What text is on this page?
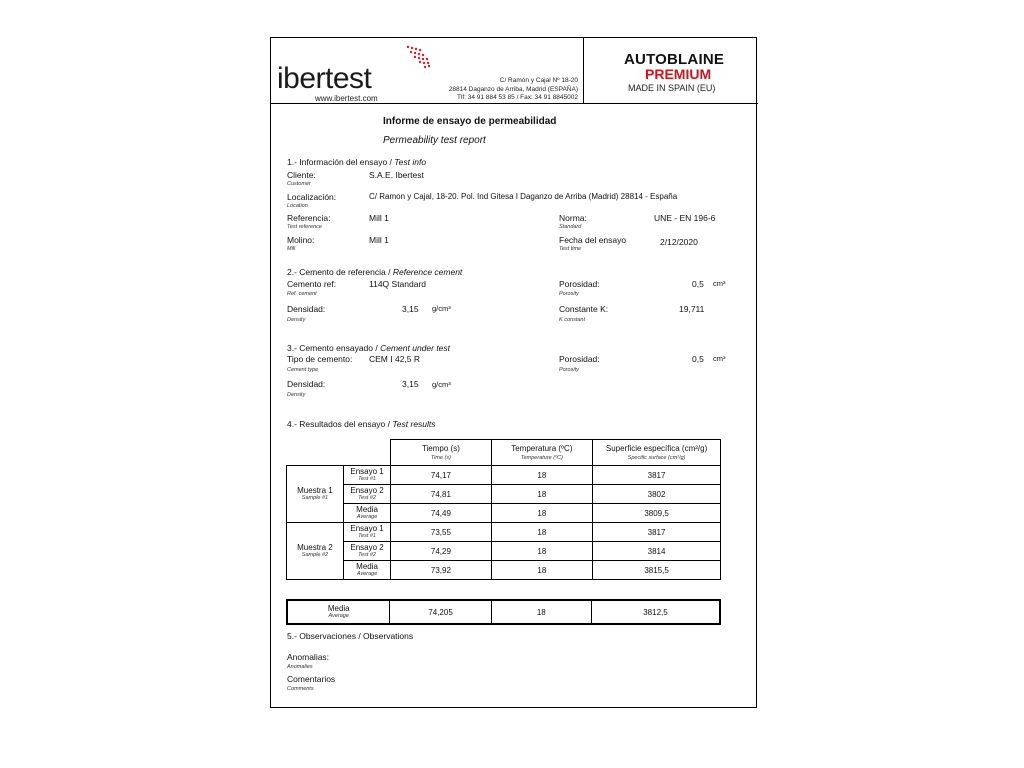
ibertest
www.ibertest.com
C/ Ramón y Cajal Nº 18-20
28814 Daganzo de Arriba, Madrid (ESPAÑA)
Tlf: 34 91 884 53 85 / Fax: 34 91 8845002
AUTOBLAINE
PREMIUM
MADE IN SPAIN (EU)
Informe de ensayo de permeabilidad
Permeability test report
1.- Información del ensayo / Test info
Cliente:
Customer
S.A.E. Ibertest
Localización:
Location
C/ Ramon y Cajal, 18-20. Pol. Ind Gitesa I Daganzo de Arriba (Madrid) 28814 - España
Referencia:
Test reference
Mill 1
Molino:
Mill
Mill 1
Norma:
Standard
UNE - EN 196-6
Fecha del ensayo
Test time
2/12/2020
2.- Cemento de referencia / Reference cement
Cemento ref:
Ref. cement
114Q Standard
Densidad:
Density
3,15 g/cm³
Porosidad:
Porosity
0,5 cm³
Constante K:
K constant
19,711
3.- Cemento ensayado / Cement under test
Tipo de cemento:
Cement type
CEM I 42,5 R
Densidad:
Density
3,15 g/cm³
Porosidad:
Porosity
0,5 cm³
4.- Resultados del ensayo / Test results

		Tiempo (s)
Time (s)	Temperatura (ºC)
Temperature (ºC)	Superficie específica (cm²/g)
Specific surface (cm²/g)

Muestra 1
Sample #1	Ensayo 1
Test #1	74,17	18	3817

	Ensayo 2
Test #2	74,81	18	3802

	Media
Average	74,49	18	3809,5

Muestra 2
Sample #2	Ensayo 1
Test #1	73,55	18	3817

	Ensayo 2
Test #2	74,29	18	3814

	Media
Average	73,92	18	3815,5
Media
Average	74,205	18	3812,5
5.- Observaciones / Observations
Anomalias:
Anomalies
Comentarios
Comments
